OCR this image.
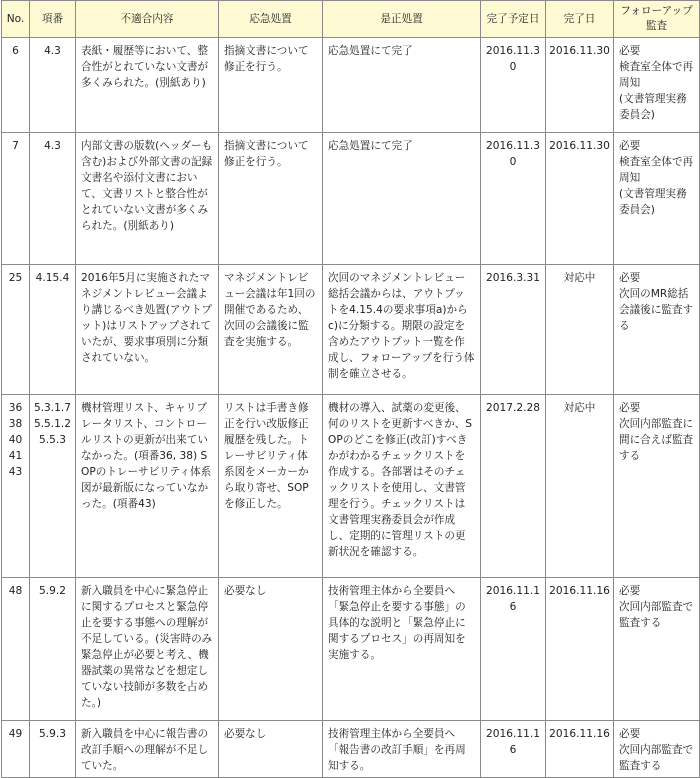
No.	項番	不適合内容	応急処置	是正処置	完了予定日	完了日	フォローアップ
監査

6	4.3	表紙・履歴等において、整合性がとれていない文書が多くみられた。(別紙あり)	指摘文書について修正を行う。	応急処置にて完了	2016.11.30	2016.11.30	必要
検査室全体で再周知
(文書管理実務委員会)

7	4.3	内部文書の版数(ヘッダーも含む)および外部文書の記録文書名や添付文書において、文書リストと整合性がとれていない文書が多くみられた。(別紙あり)	指摘文書について修正を行う。	応急処置にて完了	2016.11.30	2016.11.30	必要
検査室全体で再周知
(文書管理実務委員会)

25	4.15.4	2016年5月に実施されたマネジメントレビュー会議より講じるべき処置(アウトプット)はリストアップされていたが、要求事項別に分類されていない。	マネジメントレビュー会議は年1回の開催であるため、次回の会議後に監査を実施する。	次回のマネジメントレビュー総括会議からは、アウトプットを4.15.4の要求事項a)からc)に分類する。期限の設定を含めたアウトプット一覧を作成し、フォローアップを行う体制を確立させる。	2016.3.31	対応中	必要
次回のMR総括会議後に監査する

36
38
40
41
43	5.3.1.7
5.5.1.2
5.5.3	機材管理リスト、キャリブレータリスト、コントロールリストの更新が出来ていなかった。(項番36, 38) SOPのトレーサビリティ体系図が最新版になっていなかった。(項番43)	リストは手書き修正を行い改版修正履歴を残した。トレーサビリティ体系図をメーカーから取り寄せ、SOPを修正した。	機材の導入、試薬の変更後、何のリストを更新すべきか、SOPのどこを修正(改訂)すべきかがわかるチェックリストを作成する。各部署はそのチェックリストを使用し、文書管理を行う。チェックリストは文書管理実務委員会が作成し、定期的に管理リストの更新状況を確認する。	2017.2.28	対応中	必要
次回内部監査に間に合えば監査する

48	5.9.2	新入職員を中心に緊急停止に関するプロセスと緊急停止を要する事態への理解が不足している。(災害時のみ緊急停止が必要と考え、機器試薬の異常などを想定していない技師が多数を占めた。)	必要なし	技術管理主体から全要員へ「緊急停止を要する事態」の具体的な説明と「緊急停止に関するプロセス」の再周知を実施する。	2016.11.16	2016.11.16	必要
次回内部監査で監査する

49	5.9.3	新入職員を中心に報告書の改訂手順への理解が不足していた。	必要なし	技術管理主体から全要員へ「報告書の改訂手順」を再周知する。	2016.11.16	2016.11.16	必要
次回内部監査で監査する
